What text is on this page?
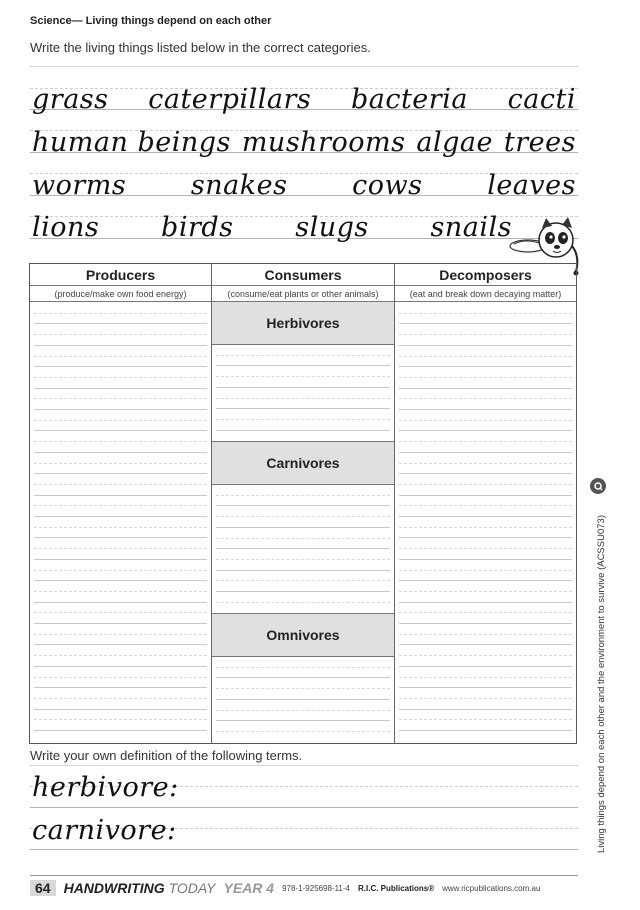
Science— Living things depend on each other
Write the living things listed below in the correct categories.
grass caterpillars bacteria cacti
human beings mushrooms algae trees
worms snakes cows leaves
lions birds slugs snails
Producers
(produce/make own food energy)
Consumers
(consume/eat plants or other animals)
Herbivores
Carnivores
Omnivores
Decomposers
(eat and break down decaying matter)
Write your own definition of the following terms.
herbivore:
carnivore:	Living things depend on each other and the environment to survive (ACSSU073)
64 HANDWRITING TODAY YEAR 4 978-1-925698-11-4 R.I.C. Publications® www.ricpublications.com.au
